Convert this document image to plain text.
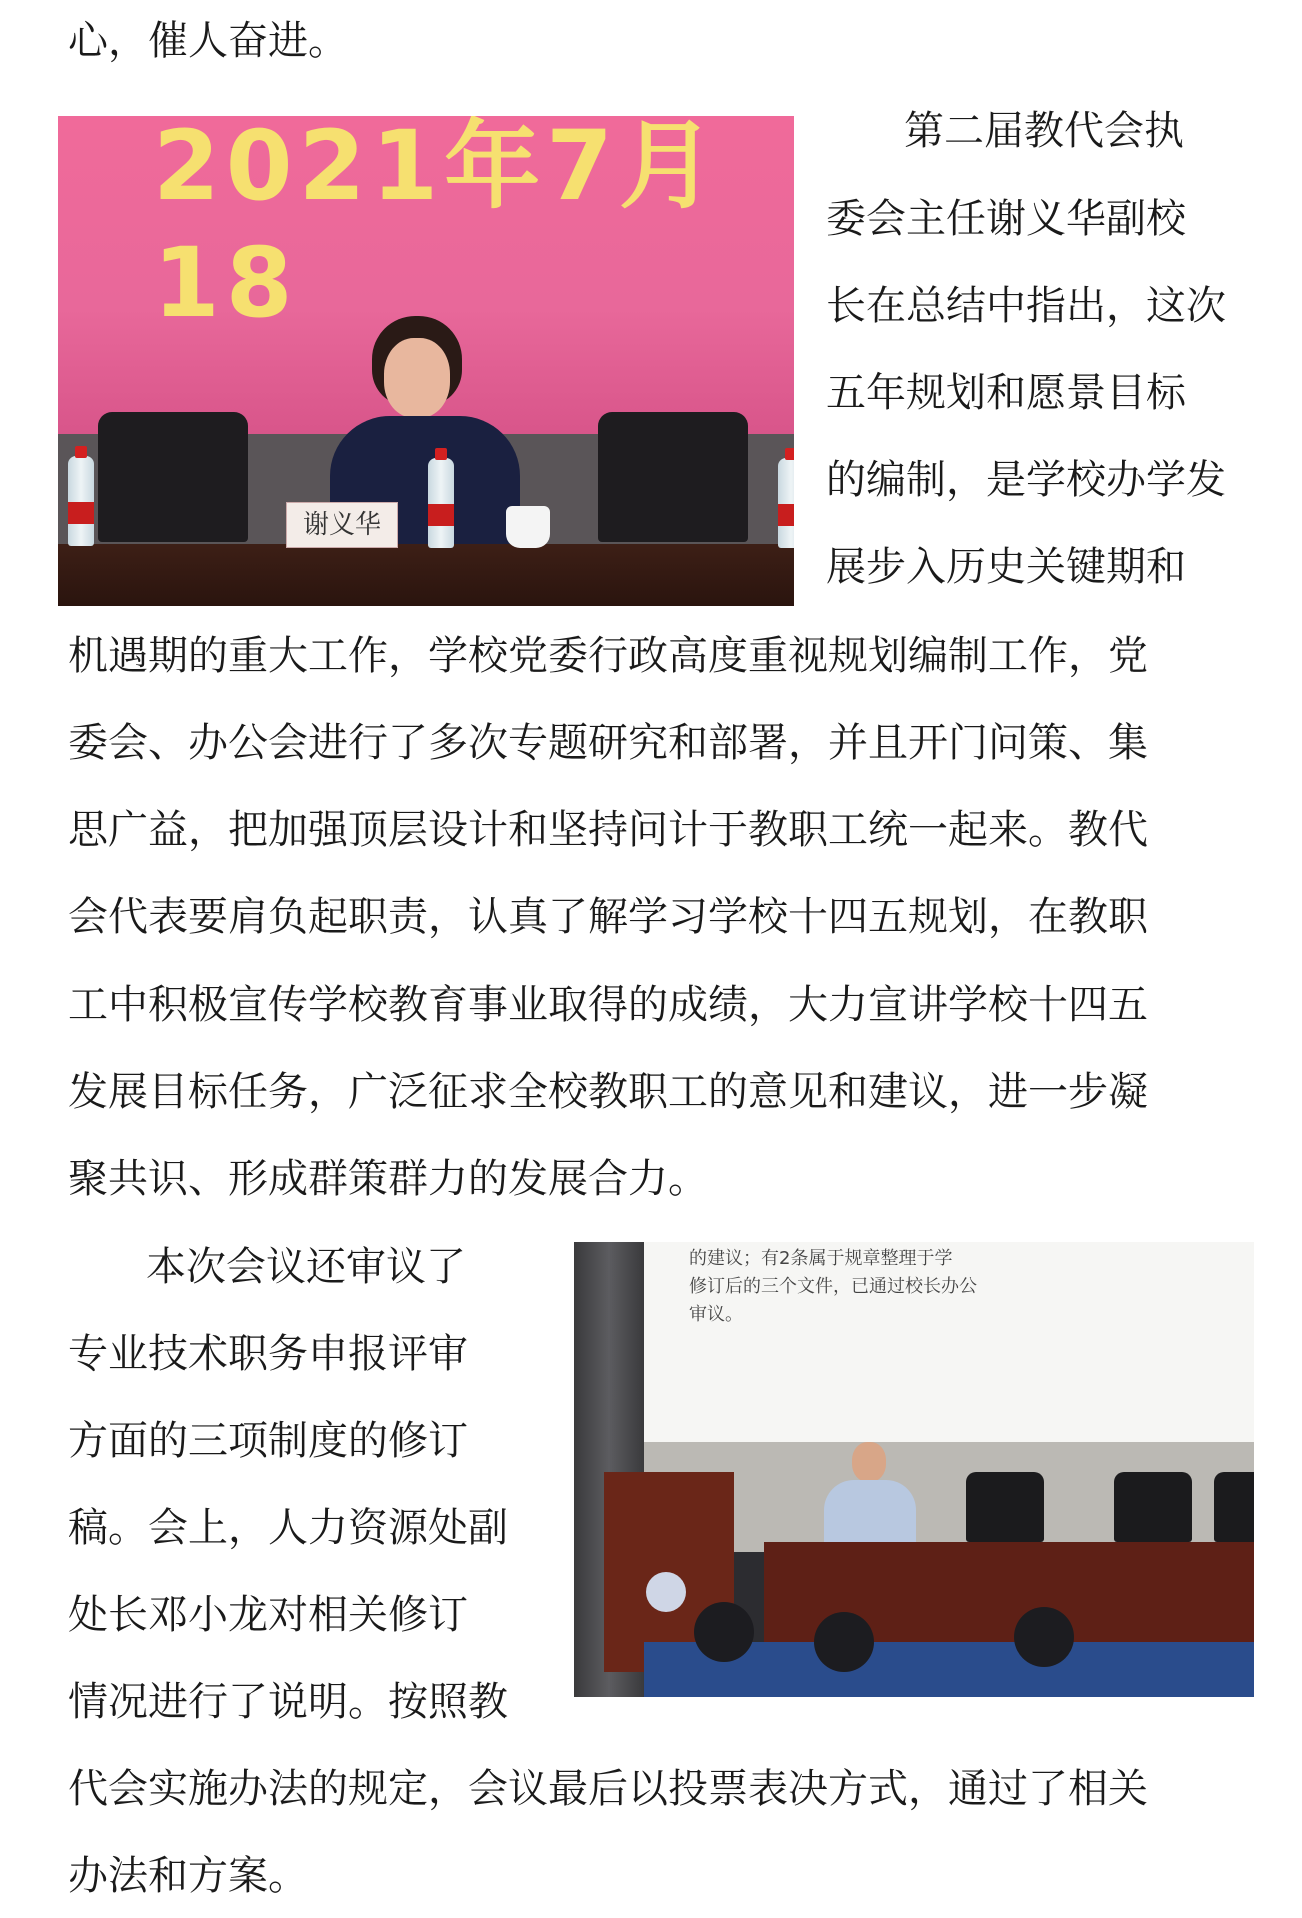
心，催人奋进。
2021年7月18
谢义华
第二届教代会执
委会主任谢义华副校
长在总结中指出，这次
五年规划和愿景目标
的编制，是学校办学发
展步入历史关键期和
机遇期的重大工作，学校党委行政高度重视规划编制工作，党
委会、办公会进行了多次专题研究和部署，并且开门问策、集
思广益，把加强顶层设计和坚持问计于教职工统一起来。教代
会代表要肩负起职责，认真了解学习学校十四五规划，在教职
工中积极宣传学校教育事业取得的成绩，大力宣讲学校十四五
发展目标任务，广泛征求全校教职工的意见和建议，进一步凝
聚共识、形成群策群力的发展合力。
本次会议还审议了
专业技术职务申报评审
方面的三项制度的修订
稿。会上，人力资源处副
处长邓小龙对相关修订
情况进行了说明。按照教
的建议；有2条属于规章整理于学
修订后的三个文件，已通过校长办公
审议。
代会实施办法的规定，会议最后以投票表决方式，通过了相关
办法和方案。
